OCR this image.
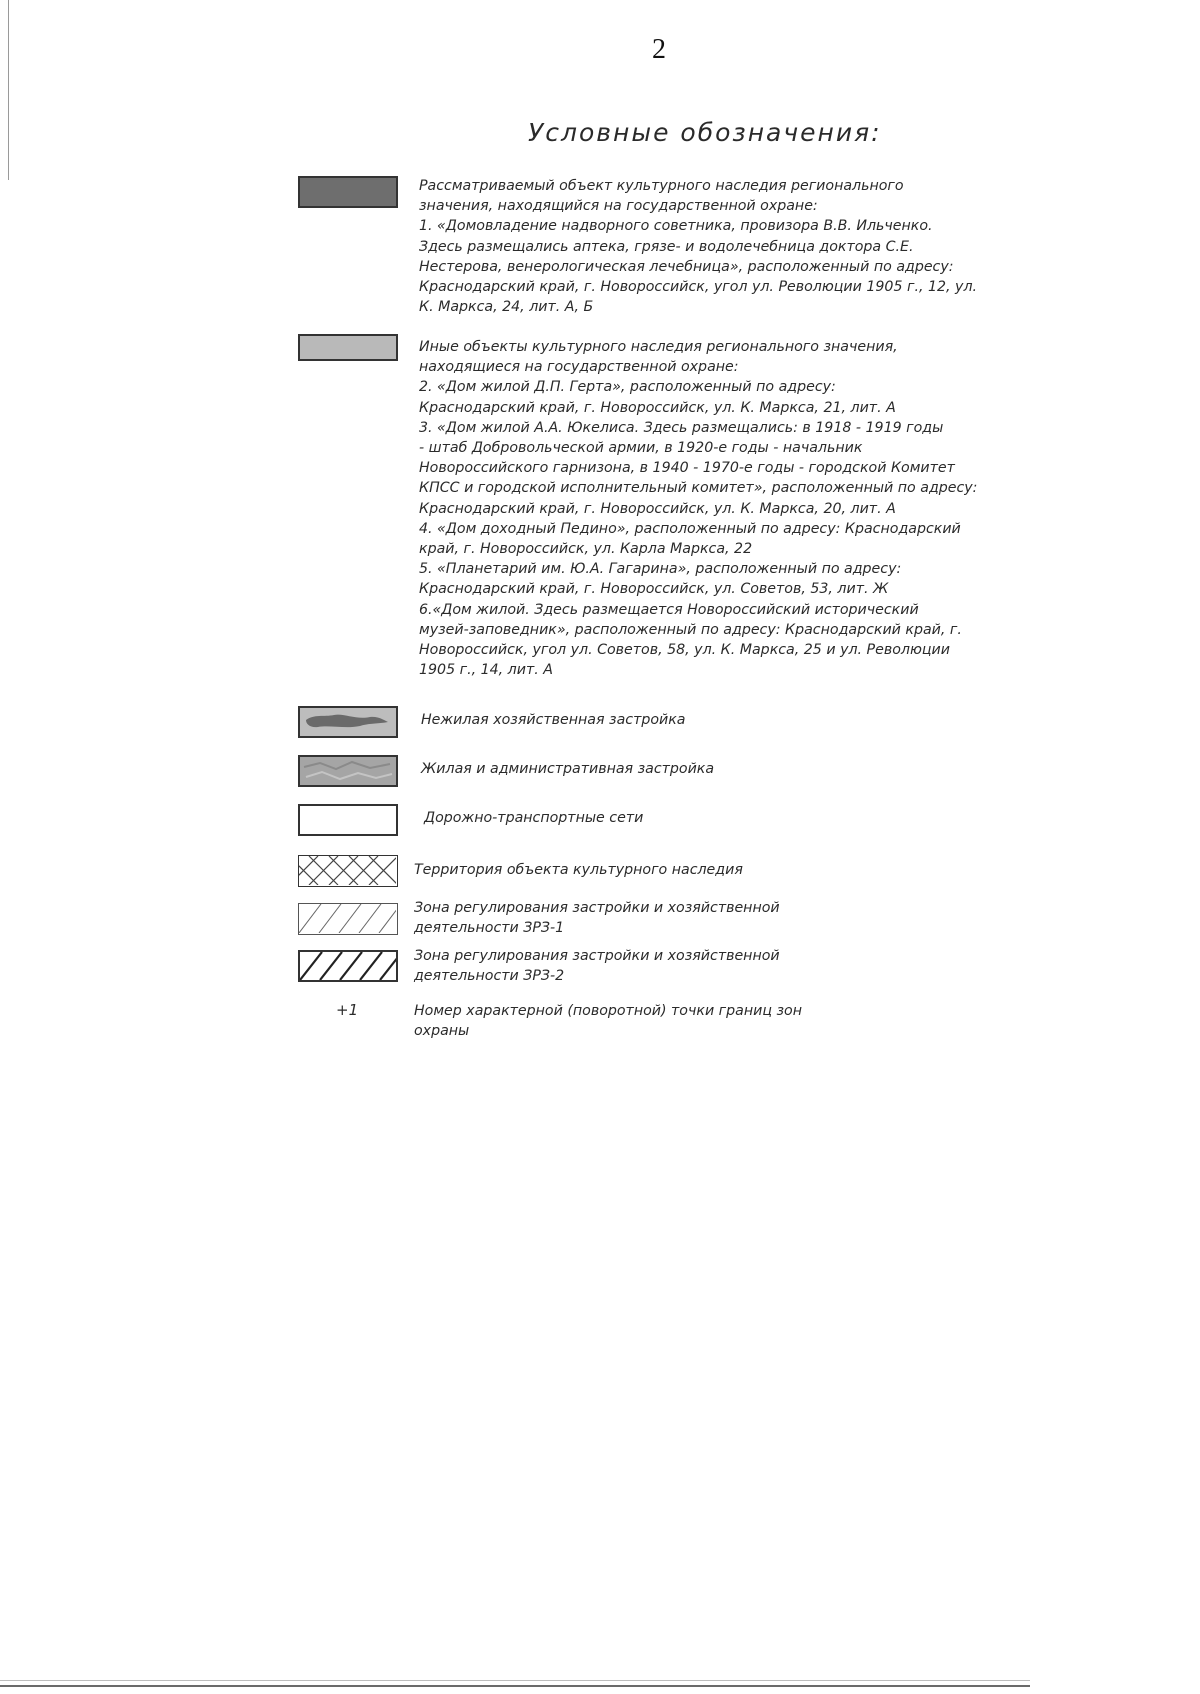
2
Условные обозначения:

Рассматриваемый объект культурного наследия регионального

значения, находящийся на государственной охране:

1. «Домовладение надворного советника, провизора В.В. Ильченко.

Здесь размещались аптека, грязе- и водолечебница доктора С.Е.

Нестерова, венерологическая лечебница», расположенный по адресу:

Краснодарский край, г. Новороссийск, угол ул. Революции 1905 г., 12, ул.

К. Маркса, 24, лит. А, Б

Иные объекты культурного наследия регионального значения,

находящиеся на государственной охране:

2. «Дом жилой Д.П. Герта», расположенный по адресу:

Краснодарский край, г. Новороссийск, ул. К. Маркса, 21, лит. А

3. «Дом жилой А.А. Юкелиса. Здесь размещались: в 1918 - 1919 годы

- штаб Добровольческой армии, в 1920-е годы - начальник

Новороссийского гарнизона, в 1940 - 1970-е годы - городской Комитет

КПСС и городской исполнительный комитет», расположенный по адресу:

Краснодарский край, г. Новороссийск, ул. К. Маркса, 20, лит. А

4. «Дом доходный Педино», расположенный по адресу: Краснодарский

край, г. Новороссийск, ул. Карла Маркса, 22

5. «Планетарий им. Ю.А. Гагарина», расположенный по адресу:

Краснодарский край, г. Новороссийск, ул. Советов, 53, лит. Ж

6.«Дом жилой. Здесь размещается Новороссийский исторический

музей-заповедник», расположенный по адресу: Краснодарский край, г.

Новороссийск, угол ул. Советов, 58, ул. К. Маркса, 25 и ул. Революции

1905 г., 14, лит. А

Нежилая хозяйственная застройка
Жилая и административная застройка
Дорожно-транспортные сети
Территория объекта культурного наследия
Зона регулирования застройки и хозяйственной
деятельности ЗРЗ-1
Зона регулирования застройки и хозяйственной
деятельности ЗРЗ-2
+1	Номер характерной (поворотной) точки границ зон
охраны
